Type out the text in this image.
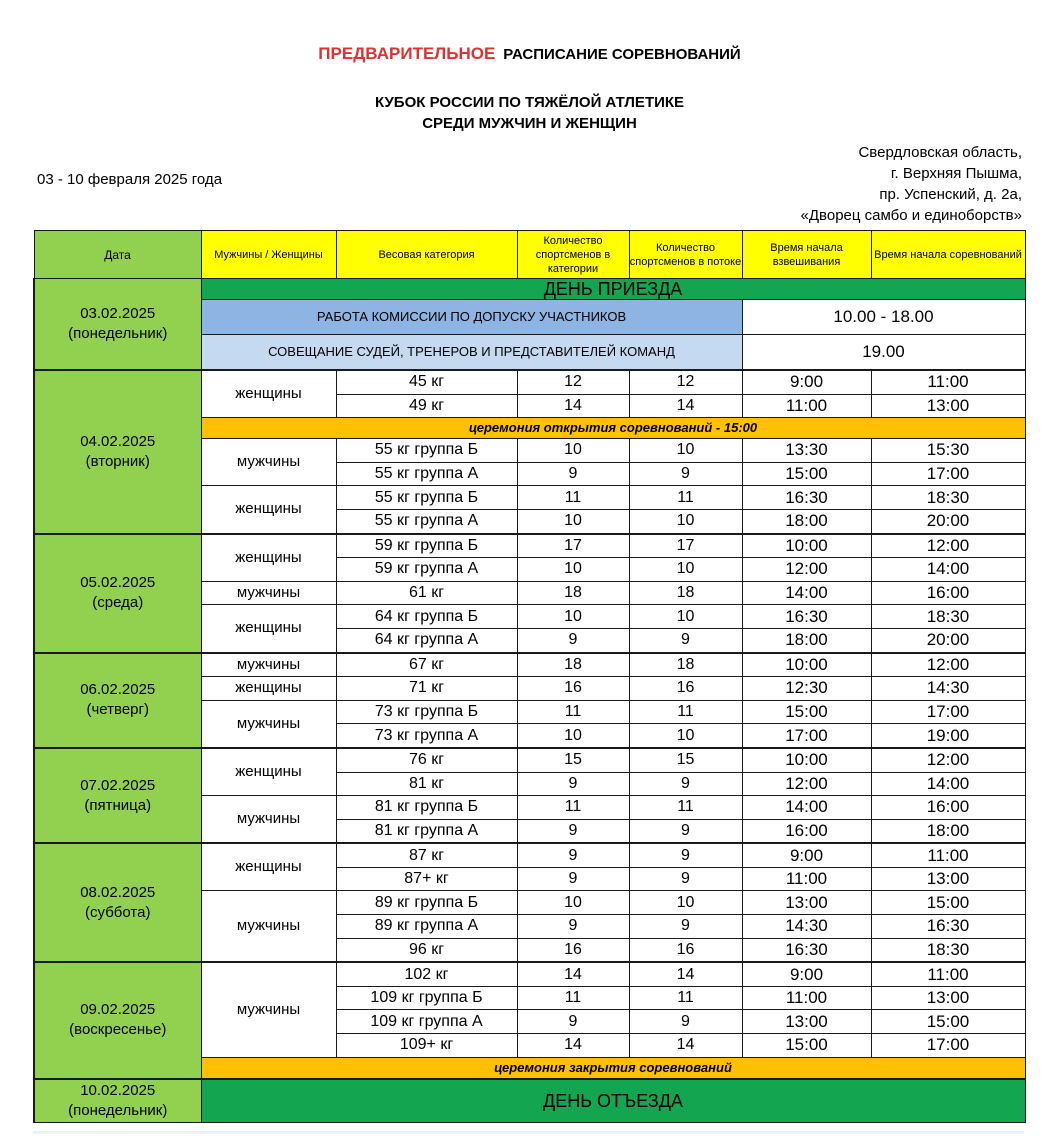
ПРЕДВАРИТЕЛЬНОЕ РАСПИСАНИЕ СОРЕВНОВАНИЙ
КУБОК РОССИИ ПО ТЯЖЁЛОЙ АТЛЕТИКЕ
СРЕДИ МУЖЧИН И ЖЕНЩИН
03 - 10 февраля 2025 года
Свердловская область,
г. Верхняя Пышма,
пр. Успенский, д. 2а,
«Дворец самбо и единоборств»
Дата	Мужчины / Женщины	Весовая категория	Количество спортсменов в категории	Количество спортсменов в потоке	Время начала взвешивания	Время начала соревнований

03.02.2025
(понедельник)	ДЕНЬ ПРИЕЗДА					
	РАБОТА КОМИССИИ ПО ДОПУСКУ УЧАСТНИКОВ				10.00 - 18.00	
	СОВЕЩАНИЕ СУДЕЙ, ТРЕНЕРОВ И ПРЕДСТАВИТЕЛЕЙ КОМАНД				19.00	

04.02.2025
(вторник)	женщины	45 кг	12	12	9:00	11:00
		49 кг	14	14	11:00	13:00
	церемония открытия соревнований - 15:00					
	мужчины	55 кг группа Б	10	10	13:30	15:30
		55 кг группа А	9	9	15:00	17:00
	женщины	55 кг группа Б	11	11	16:30	18:30
		55 кг группа А	10	10	18:00	20:00

05.02.2025
(среда)	женщины	59 кг группа Б	17	17	10:00	12:00
		59 кг группа А	10	10	12:00	14:00
	мужчины	61 кг	18	18	14:00	16:00
	женщины	64 кг группа Б	10	10	16:30	18:30
		64 кг группа А	9	9	18:00	20:00

06.02.2025
(четверг)	мужчины	67 кг	18	18	10:00	12:00
	женщины	71 кг	16	16	12:30	14:30
	мужчины	73 кг группа Б	11	11	15:00	17:00
		73 кг группа А	10	10	17:00	19:00

07.02.2025
(пятница)	женщины	76 кг	15	15	10:00	12:00
		81 кг	9	9	12:00	14:00
	мужчины	81 кг группа Б	11	11	14:00	16:00
		81 кг группа А	9	9	16:00	18:00

08.02.2025
(суббота)	женщины	87 кг	9	9	9:00	11:00
		87+ кг	9	9	11:00	13:00
	мужчины	89 кг группа Б	10	10	13:00	15:00
		89 кг группа А	9	9	14:30	16:30
		96 кг	16	16	16:30	18:30

09.02.2025
(воскресенье)	мужчины	102 кг	14	14	9:00	11:00
		109 кг группа Б	11	11	11:00	13:00
		109 кг группа А	9	9	13:00	15:00
		109+ кг	14	14	15:00	17:00
	церемония закрытия соревнований					

10.02.2025
(понедельник)	ДЕНЬ ОТЪЕЗДА					
